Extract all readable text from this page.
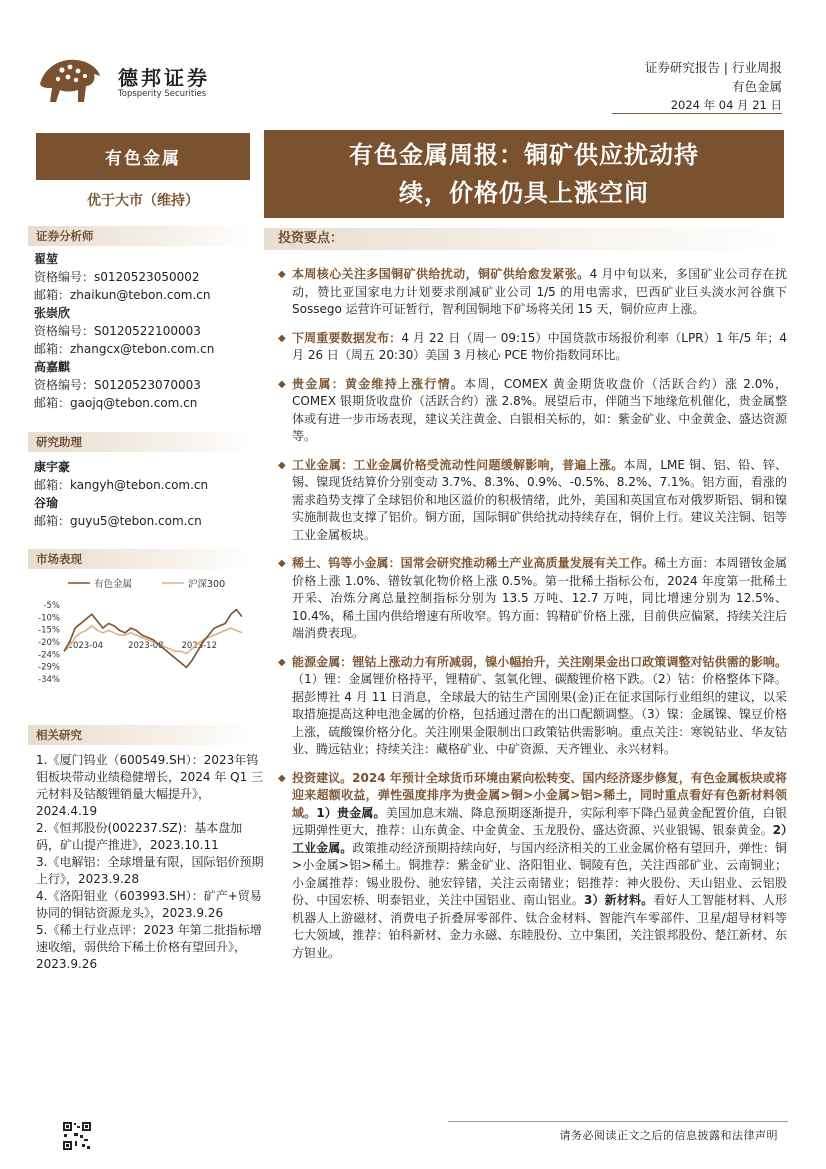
德邦证券
Topsperity Securities
证券研究报告 | 行业周报
有色金属
2024 年 04 月 21 日
有色金属
优于大市（维持）
证券分析师
翟堃
资格编号：s0120523050002
邮箱：zhaikun@tebon.com.cn
张崇欣
资格编号：S0120522100003
邮箱：zhangcx@tebon.com.cn
高嘉麒
资格编号：S0120523070003
邮箱：gaojq@tebon.com.cn
研究助理
康宇豪
邮箱：kangyh@tebon.com.cn
谷瑜
邮箱：guyu5@tebon.com.cn
市场表现
有色金属	沪深300
-5%
-10%
-15%
-20%
-24%
-29%
-34%
2023-04	2023-08 2023-12
相关研究
1.《厦门钨业（600549.SH）：2023年钨钼板块带动业绩稳健增长，2024 年 Q1 三元材料及钴酸锂销量大幅提升》，2024.4.19
2.《恒邦股份(002237.SZ)：基本盘加码，矿山提产推进》，2023.10.11
3.《电解铝：全球增量有限，国际铝价预期上行》，2023.9.28
4.《洛阳钼业（603993.SH）：矿产+贸易协同的铜钴资源龙头》，2023.9.26
5.《稀土行业点评：2023 年第二批指标增速收缩，弱供给下稀土价格有望回升》，2023.9.26
有色金属周报：铜矿供应扰动持
续，价格仍具上涨空间
投资要点：
◆ 本周核心关注多国铜矿供给扰动，铜矿供给愈发紧张。4 月中旬以来，多国矿业公司存在扰动，赞比亚国家电力计划要求削减矿业公司 1/5 的用电需求，巴西矿业巨头淡水河谷旗下 Sossego 运营许可证暂行，智利国铜地下矿场将关闭 15 天，铜价应声上涨。
◆ 下周重要数据发布：4 月 22 日（周一 09:15）中国贷款市场报价利率（LPR）1 年/5 年；4 月 26 日（周五 20:30）美国 3 月核心 PCE 物价指数同环比。
◆ 贵金属：黄金维持上涨行情。本周，COMEX 黄金期货收盘价（活跃合约）涨 2.0%，COMEX 银期货收盘价（活跃合约）涨 2.8%。展望后市，伴随当下地缘危机催化，贵金属整体或有进一步市场表现，建议关注黄金、白银相关标的，如：紫金矿业、中金黄金、盛达资源等。
◆ 工业金属：工业金属价格受流动性问题缓解影响，普遍上涨。本周，LME 铜、铝、铅、锌、锡、镍现货结算价分别变动 3.7%、8.3%、0.9%、-0.5%、8.2%、7.1%。铝方面，看涨的需求趋势支撑了全球铝价和地区溢价的积极情绪，此外，美国和英国宣布对俄罗斯铝、铜和镍实施制裁也支撑了铝价。铜方面，国际铜矿供给扰动持续存在，铜价上行。建议关注铜、铝等工业金属板块。
◆ 稀土、钨等小金属：国常会研究推动稀土产业高质量发展有关工作。稀土方面：本周镨钕金属价格上涨 1.0%、镨钕氧化物价格上涨 0.5%。第一批稀土指标公布，2024 年度第一批稀土开采、冶炼分离总量控制指标分别为 13.5 万吨、12.7 万吨，同比增速分别为 12.5%、10.4%，稀土国内供给增速有所收窄。钨方面：钨精矿价格上涨，目前供应偏紧，持续关注后端消费表现。
◆ 能源金属：锂钴上涨动力有所减弱，镍小幅抬升，关注刚果金出口政策调整对钴供需的影响。（1）锂：金属锂价格持平，锂精矿、氢氧化锂、碳酸锂价格下跌。（2）钴：价格整体下降。据彭博社 4 月 11 日消息，全球最大的钴生产国刚果(金)正在征求国际行业组织的建议，以采取措施提高这种电池金属的价格，包括通过潜在的出口配额调整。（3）镍：金属镍、镍豆价格上涨，硫酸镍价格分化。关注刚果金限制出口政策钴供需影响。重点关注：寒锐钴业、华友钴业、腾远钴业；持续关注：藏格矿业、中矿资源、天齐锂业、永兴材料。
◆ 投资建议。2024 年预计全球货币环境由紧向松转变、国内经济逐步修复，有色金属板块或将迎来超额收益，弹性强度排序为贵金属>铜>小金属>铝>稀土，同时重点看好有色新材料领域。1）贵金属。美国加息末端、降息预期逐渐提升，实际利率下降凸显黄金配置价值，白银远期弹性更大，推荐：山东黄金、中金黄金、玉龙股份、盛达资源、兴业银锡、银泰黄金。2）工业金属。政策推动经济预期持续向好，与国内经济相关的工业金属价格有望回升，弹性：铜>小金属>铝>稀土。铜推荐：紫金矿业、洛阳钼业、铜陵有色，关注西部矿业、云南铜业；小金属推荐：锡业股份、驰宏锌锗，关注云南锗业；铝推荐：神火股份、天山铝业、云铝股份、中国宏桥、明泰铝业，关注中国铝业、南山铝业。3）新材料。看好人工智能材料、人形机器人上游磁材、消费电子折叠屏零部件、钛合金材料、智能汽车零部件、卫星/超导材料等七大领域，推荐：铂科新材、金力永磁、东睦股份、立中集团，关注银邦股份、楚江新材、东方钽业。
请务必阅读正文之后的信息披露和法律声明
